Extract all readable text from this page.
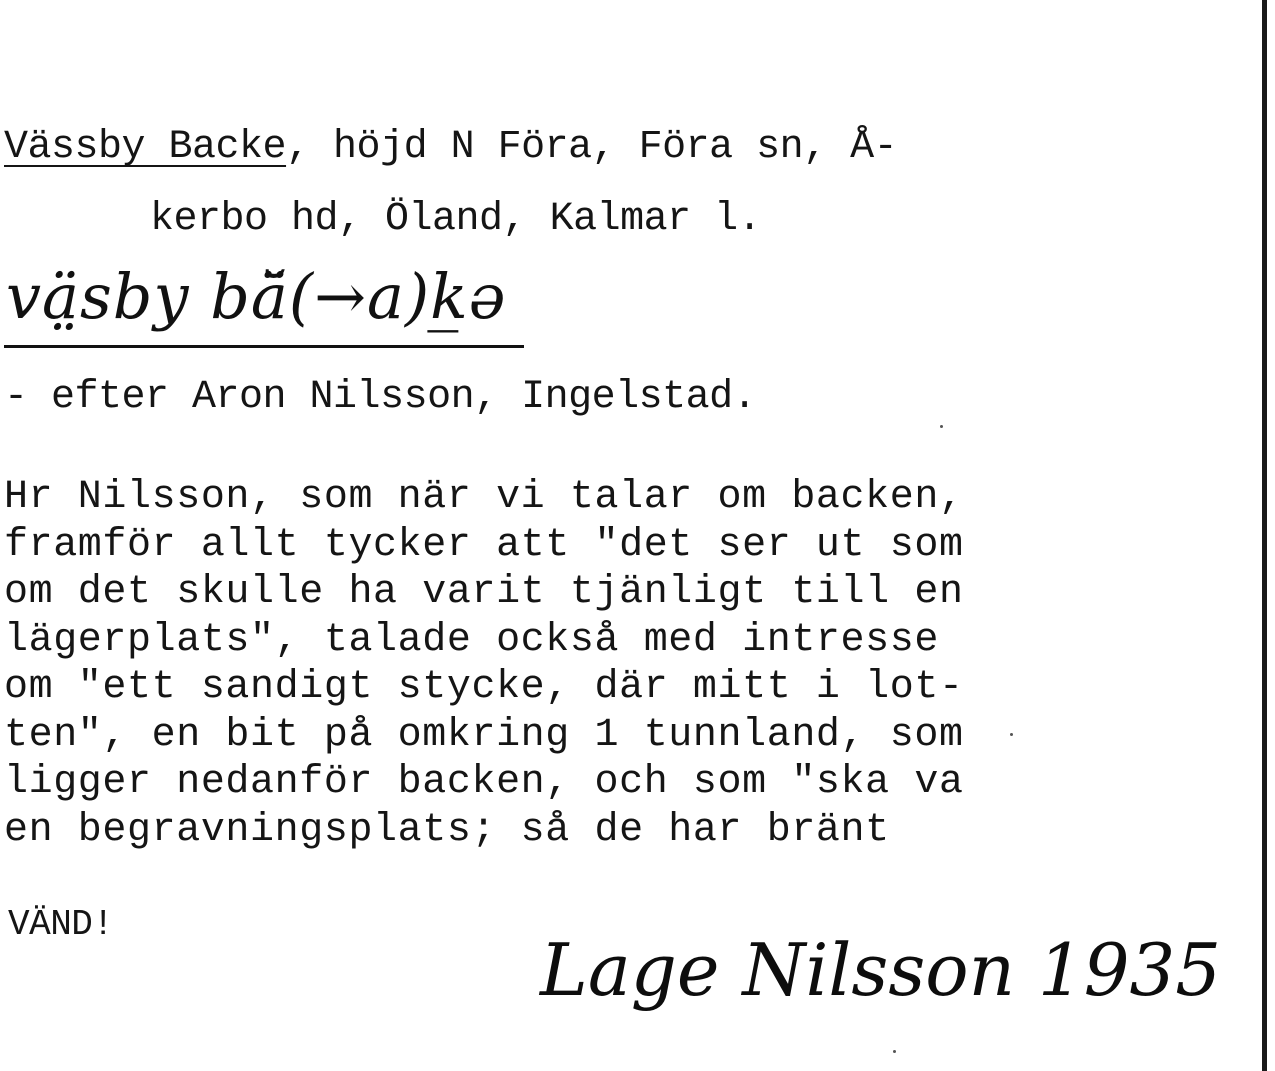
Vässby Backe, höjd N Föra, Föra sn, Å-
kerbo hd, Öland, Kalmar l.
vä̤sby bä̆(→a)k̲ə
- efter Aron Nilsson, Ingelstad.
Hr Nilsson, som när vi talar om backen,
framför allt tycker att "det ser ut som
om det skulle ha varit tjänligt till en
lägerplats", talade också med intresse
om "ett sandigt stycke, där mitt i lot-
ten", en bit på omkring 1 tunnland, som
ligger nedanför backen, och som "ska va
en begravningsplats; så de har bränt
VÄND!
Lage Nilsson 1935
